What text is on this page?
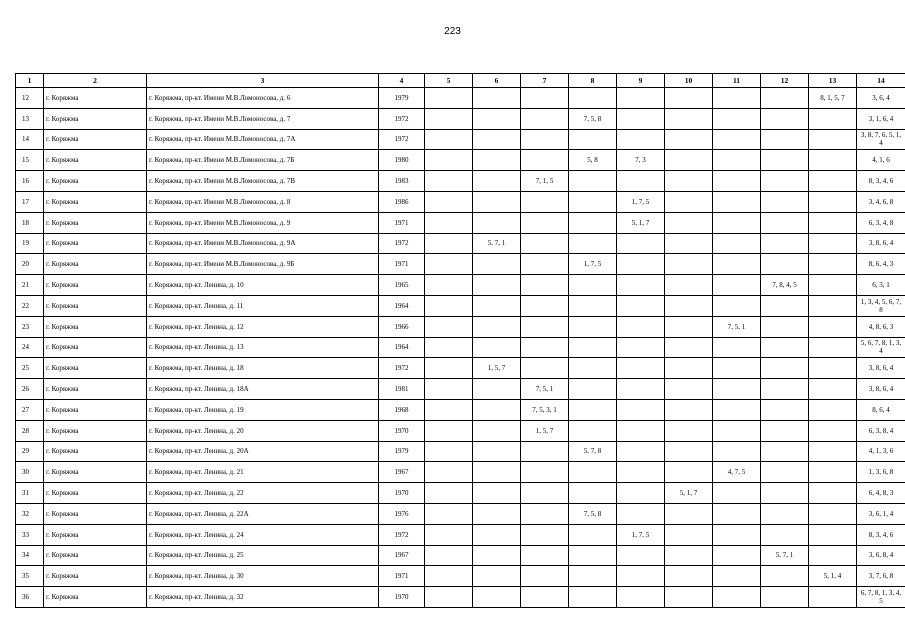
223
1	2	3	4	5	6	7	8	9	10	11	12	13	14
12	г. Коряжма	г. Коряжма, пр-кт. Имени М.В.Ломоносова, д. 6	1979									8, 1, 5, 7	3, 6, 4
13	г. Коряжма	г. Коряжма, пр-кт. Имени М.В.Ломоносова, д. 7	1972				7, 5, 8						3, 1, 6, 4
14	г. Коряжма	г. Коряжма, пр-кт. Имени М.В.Ломоносова, д. 7А	1972										3, 8, 7, 6, 5, 1, 4
15	г. Коряжма	г. Коряжма, пр-кт. Имени М.В.Ломоносова, д. 7Б	1980				5, 8	7, 3					4, 1, 6
16	г. Коряжма	г. Коряжма, пр-кт. Имени М.В.Ломоносова, д. 7В	1983			7, 1, 5							8, 3, 4, 6
17	г. Коряжма	г. Коряжма, пр-кт. Имени М.В.Ломоносова, д. 8	1986					1, 7, 5					3, 4, 6, 8
18	г. Коряжма	г. Коряжма, пр-кт. Имени М.В.Ломоносова, д. 9	1971					5, 1, 7					6, 3, 4, 8
19	г. Коряжма	г. Коряжма, пр-кт. Имени М.В.Ломоносова, д. 9А	1972		5, 7, 1								3, 8, 6, 4
20	г. Коряжма	г. Коряжма, пр-кт. Имени М.В.Ломоносова, д. 9Б	1971				1, 7, 5						8, 6, 4, 3
21	г. Коряжма	г. Коряжма, пр-кт. Ленина, д. 10	1965								7, 8, 4, 5		6, 3, 1
22	г. Коряжма	г. Коряжма, пр-кт. Ленина, д. 11	1964										1, 3, 4, 5, 6, 7, 8
23	г. Коряжма	г. Коряжма, пр-кт. Ленина, д. 12	1966							7, 5, 1			4, 8, 6, 3
24	г. Коряжма	г. Коряжма, пр-кт. Ленина, д. 13	1964										5, 6, 7, 8, 1, 3, 4
25	г. Коряжма	г. Коряжма, пр-кт. Ленина, д. 18	1972		1, 5, 7								3, 8, 6, 4
26	г. Коряжма	г. Коряжма, пр-кт. Ленина, д. 18А	1981			7, 5, 1							3, 8, 6, 4
27	г. Коряжма	г. Коряжма, пр-кт. Ленина, д. 19	1968			7, 5, 3, 1							8, 6, 4
28	г. Коряжма	г. Коряжма, пр-кт. Ленина, д. 20	1970			1, 5, 7							6, 3, 8, 4
29	г. Коряжма	г. Коряжма, пр-кт. Ленина, д. 20А	1979				5, 7, 8						4, 1, 3, 6
30	г. Коряжма	г. Коряжма, пр-кт. Ленина, д. 21	1967							4, 7, 5			1, 3, 6, 8
31	г. Коряжма	г. Коряжма, пр-кт. Ленина, д. 22	1970						5, 1, 7				6, 4, 8, 3
32	г. Коряжма	г. Коряжма, пр-кт. Ленина, д. 22А	1976				7, 5, 8						3, 6, 1, 4
33	г. Коряжма	г. Коряжма, пр-кт. Ленина, д. 24	1972					1, 7, 5					8, 3, 4, 6
34	г. Коряжма	г. Коряжма, пр-кт. Ленина, д. 25	1967								5, 7, 1		3, 6, 8, 4
35	г. Коряжма	г. Коряжма, пр-кт. Ленина, д. 30	1971									5, 1, 4	3, 7, 6, 8
36	г. Коряжма	г. Коряжма, пр-кт. Ленина, д. 32	1970										6, 7, 8, 1, 3, 4, 5
